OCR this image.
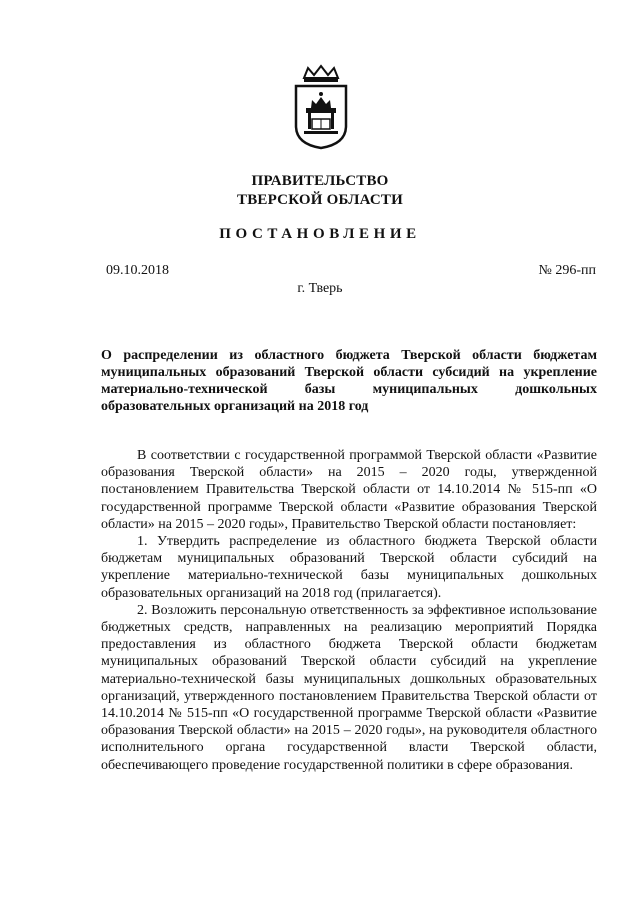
ПРАВИТЕЛЬСТВО
ТВЕРСКОЙ ОБЛАСТИ
ПОСТАНОВЛЕНИЕ
09.10.2018	№ 296-пп
г. Тверь
О распределении из областного бюджета Тверской области бюджетам муниципальных образований Тверской области субсидий на укрепление материально-технической базы муниципальных дошкольных образовательных организаций на 2018 год

В соответствии с государственной программой Тверской области «Развитие образования Тверской области» на 2015 – 2020 годы, утвержденной постановлением Правительства Тверской области от 14.10.2014 № 515-пп «О государственной программе Тверской области «Развитие образования Тверской области» на 2015 – 2020 годы», Правительство Тверской области постановляет:

1. Утвердить распределение из областного бюджета Тверской области бюджетам муниципальных образований Тверской области субсидий на укрепление материально-технической базы муниципальных дошкольных образовательных организаций на 2018 год (прилагается).

2. Возложить персональную ответственность за эффективное использование бюджетных средств, направленных на реализацию мероприятий Порядка предоставления из областного бюджета Тверской области бюджетам муниципальных образований Тверской области субсидий на укрепление материально-технической базы муниципальных дошкольных образовательных организаций, утвержденного постановлением Правительства Тверской области от 14.10.2014 № 515-пп «О государственной программе Тверской области «Развитие образования Тверской области» на 2015 – 2020 годы», на руководителя областного исполнительного органа государственной власти Тверской области, обеспечивающего проведение государственной политики в сфере образования.
